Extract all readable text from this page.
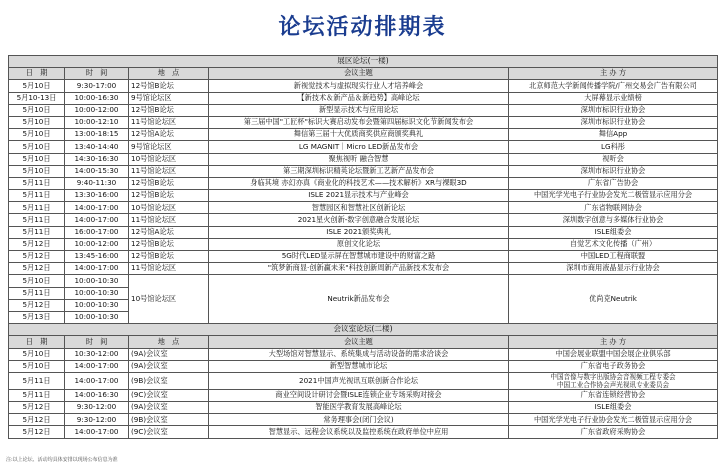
论坛活动排期表
展区论坛(一楼)				
日　期	时　间	地　点	会议主题	主 办 方
5月10日	9:30-17:00	12号馆B论坛	新视觉技术与虚拟现实行业人才培养峰会	北京师范大学新闻传播学院/广州交易会广告有限公司
5月10-13日	10:00-16:30	9号馆论坛区	【新技术＆新产品＆新趋势】高峰论坛	大屏幕显示业绩榜
5月10日	10:00-12:00	12号馆B论坛	新型显示技术与应用论坛	深圳市标识行业协会
5月10日	10:00-12:10	11号馆论坛区	第三届中国"工匠杯"标识大赛启动发布会暨第四届标识文化节新闻发布会	深圳市标识行业协会
5月10日	13:00-18:15	12号馆A论坛	舞信第三届十大优质商奖供应商颁奖典礼	舞信App
5月10日	13:40-14:40	9号馆论坛区	LG MAGNIT｜Micro LED新品发布会	LG科彤
5月10日	14:30-16:30	10号馆论坛区	聚焦视听 融合智慧	视听会
5月10日	14:00-15:30	11号馆论坛区	第三期深圳标识精英论坛暨新工艺新产品发布会	深圳市标识行业协会
5月11日	9:40-11:30	12号馆B论坛	身临其境 亦幻亦真《商业化的科技艺术——技术解析》XR与裸眼3D	广东省广告协会
5月11日	13:30-16:00	12号馆B论坛	ISLE 2021显示技术与产业峰会	中国光学光电子行业协会发光二极管显示应用分会
5月11日	14:00-17:00	10号馆论坛区	智慧园区和智慧社区创新论坛	广东省物联网协会
5月11日	14:00-17:00	11号馆论坛区	2021星火创新-数字创意融合发展论坛	深圳数字创意与多媒体行业协会
5月11日	16:00-17:00	12号馆A论坛	ISLE 2021颁奖典礼	ISLE组委会
5月12日	10:00-12:00	12号馆B论坛	原创文化论坛	自觉艺术文化传播（广州）
5月12日	13:45-16:00	12号馆B论坛	5G时代LED显示屏在智慧城市建设中的财富之路	中国LED工程商联盟
5月12日	14:00-17:00	11号馆论坛区	"筑梦新商显·创新赢未来"科技创新周新产品新技术发布会	深圳市商用液晶显示行业协会
5月10日	10:00-10:30	10号馆论坛区	Neutrik新品发布会	优尚克Neutrik
5月11日	10:00-10:30			
5月12日	10:00-10:30			
5月13日	10:00-10:30			
会议室论坛(二楼)				
日　期	时　间	地　点	会议主题	主 办 方
5月10日	10:30-12:00	(9A)会议室	大型场馆对智慧显示、系统集成与活动设备的需求洽谈会	中国会展业联盟中国会展企业俱乐部
5月10日	14:00-17:00	(9A)会议室	新型智慧城市论坛	广东省电子政务协会
5月11日	14:00-17:00	(9B)会议室	2021中国声光视讯互联创新合作论坛	中国音像与数字出版协会音视频工程专委会
中国工业合作协会声光视讯专业委员会
5月11日	14:00-16:30	(9C)会议室	商业空间设计研讨会暨ISLE连锁企业专场采购对接会	广东省连锁经营协会
5月12日	9:30-12:00	(9A)会议室	智能医学教育发展高峰论坛	ISLE组委会
5月12日	9:30-12:00	(9B)会议室	常务理事会(闭门会议)	中国光学光电子行业协会发光二极管显示应用分会
5月12日	14:00-17:00	(9C)会议室	智慧显示、远程会议系统以及监控系统在政府单位中应用	广东省政府采购协会
注:以上论坛、活动均具体安排以现场公布信息为准
